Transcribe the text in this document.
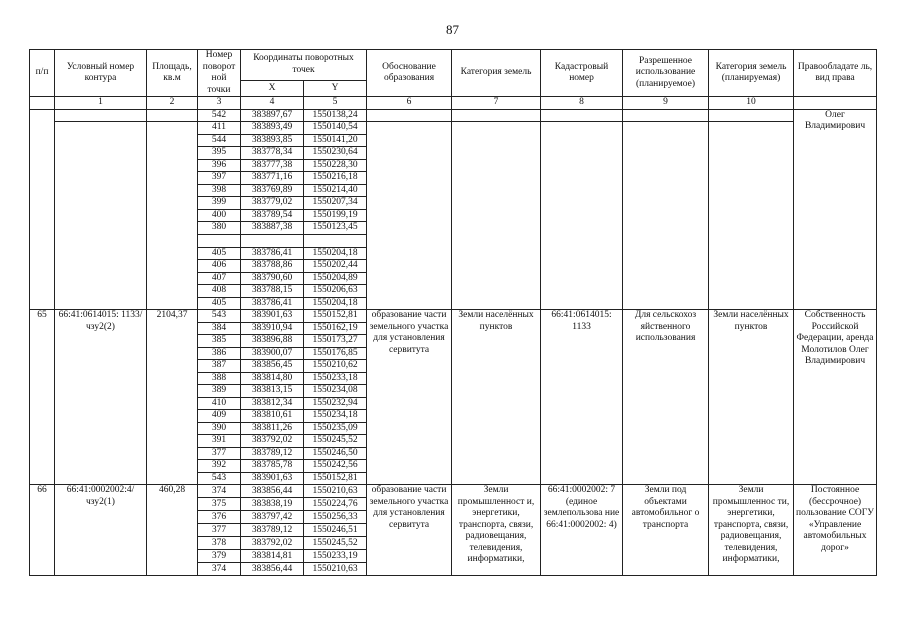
87
п/п	Условный номер контура	Площадь, кв.м	Номер поворот ной точки	Координаты поворотных точек		Обоснование образования	Категория земель	Кадастровый номер	Разрешенное использование (планируемое)	Категория земель (планируемая)	Правообладате ль, вид права
				X	Y						
	1	2	3	4	5	6	7	8	9	10	
			542	383897,67	1550138,24						Олег Владимирович
			411	383893,49	1550140,54						
			544	383893,85	1550141,20						
			395	383778,34	1550230,64						
			396	383777,38	1550228,30						
			397	383771,16	1550216,18						
			398	383769,89	1550214,40						
			399	383779,02	1550207,34						
			400	383789,54	1550199,19						
			380	383887,38	1550123,45						

			405	383786,41	1550204,18						
			406	383788,86	1550202,44						
			407	383790,60	1550204,89						
			408	383788,15	1550206,63						
			405	383786,41	1550204,18						
65	66:41:0614015: 1133/чзу2(2)	2104,37	543	383901,63	1550152,81	образование части земельного участка для установления сервитута	Земли населённых пунктов	66:41:0614015: 1133	Для сельскохоз яйственного использования	Земли населённых пунктов	Собственность Российской Федерации, аренда Молотилов Олег Владимирович
			384	383910,94	1550162,19						
			385	383896,88	1550173,27						
			386	383900,07	1550176,85						
			387	383856,45	1550210,62						
			388	383814,80	1550233,18						
			389	383813,15	1550234,08						
			410	383812,34	1550232,94						
			409	383810,61	1550234,18						
			390	383811,26	1550235,09						
			391	383792,02	1550245,52						
			377	383789,12	1550246,50						
			392	383785,78	1550242,56						
			543	383901,63	1550152,81						
66	66:41:0002002:4/ чзу2(1)	460,28	374	383856,44	1550210,63	образование части земельного участка для установления сервитута	Земли промышленност и, энергетики, транспорта, связи, радиовещания, телевидения, информатики,	66:41:0002002: 7 (единое землепользова ние 66:41:0002002: 4)	Земли под объектами автомобильног о транспорта	Земли промышленнос ти, энергетики, транспорта, связи, радиовещания, телевидения, информатики,	Постоянное (бессрочное) пользование СОГУ «Управление автомобильных дорог»
			375	383838,19	1550224,76						
			376	383797,42	1550256,33						
			377	383789,12	1550246,51						
			378	383792,02	1550245,52						
			379	383814,81	1550233,19						
			374	383856,44	1550210,63						
